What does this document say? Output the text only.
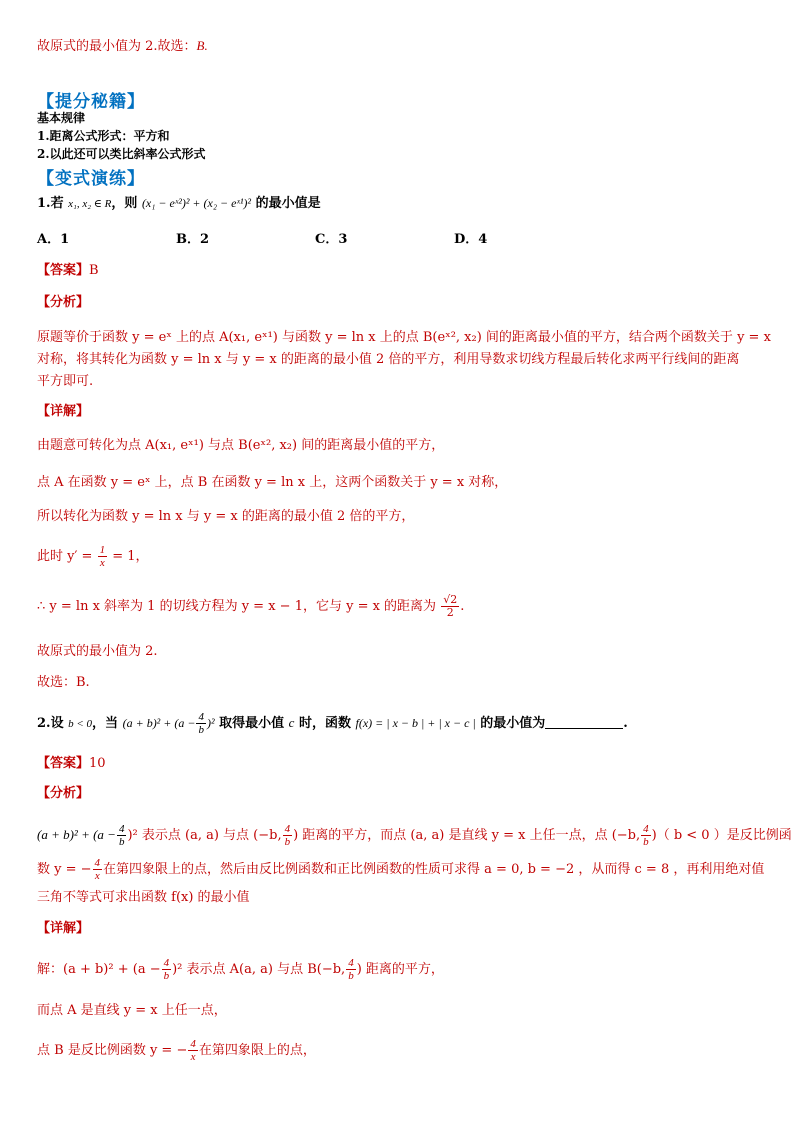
故原式的最小值为 2.故选：B.
【提分秘籍】
基本规律
1.距离公式形式：平方和
2.以此还可以类比斜率公式形式
【变式演练】
1.若 x₁, x₂ ∈ R，则 (x₁ − eˣ²)² + (x₂ − eˣ¹)² 的最小值是
A．1	B．2	C．3	D．4
【答案】B
【分析】
原题等价于函数 y = eˣ 上的点 A(x₁, eˣ¹) 与函数 y = ln x 上的点 B(eˣ², x₂) 间的距离最小值的平方，结合两个函数关于 y = x
对称，将其转化为函数 y = ln x 与 y = x 的距离的最小值 2 倍的平方，利用导数求切线方程最后转化求两平行线间的距离
平方即可.
【详解】
由题意可转化为点 A(x₁, eˣ¹) 与点 B(eˣ², x₂) 间的距离最小值的平方，
点 A 在函数 y = eˣ 上，点 B 在函数 y = ln x 上，这两个函数关于 y = x 对称，
所以转化为函数 y = ln x 与 y = x 的距离的最小值 2 倍的平方，
此时 $y' = \frac{1}{x} = 1$，
∴ y = ln x 斜率为 1 的切线方程为 y = x − 1，它与 y = x 的距离为 $\frac{√2}{2}$ .
故原式的最小值为 2.
故选：B.
2.设 b < 0，当 $(a + b)^2 + (a - \frac{4}{b} )^2$ 取得最小值 c 时，函数 f(x) = | x − b | + | x − c | 的最小值为	.
【答案】10
【分析】
$(a + b)^2 + (a - \frac{4}{b} )^2$ 表示点 (a, a) 与点 (−b, $\frac{4}{b}$ ) 距离的平方，而点 (a, a) 是直线 y = x 上任一点，点 (−b, $\frac{4}{b}$ )（ b < 0 ）是反比例函
数 y = − $\frac{4}{x}$ 在第四象限上的点，然后由反比例函数和正比例函数的性质可求得 a = 0, b = −2 ，从而得 c = 8 ，再利用绝对值
三角不等式可求出函数 f(x) 的最小值
【详解】
解：$(a + b)^2 + (a - \frac{4}{b} )^2$ 表示点 A(a, a) 与点 B(−b, $\frac{4}{b}$ ) 距离的平方，
而点 A 是直线 y = x 上任一点，
点 B 是反比例函数 y = − $\frac{4}{x}$ 在第四象限上的点，
